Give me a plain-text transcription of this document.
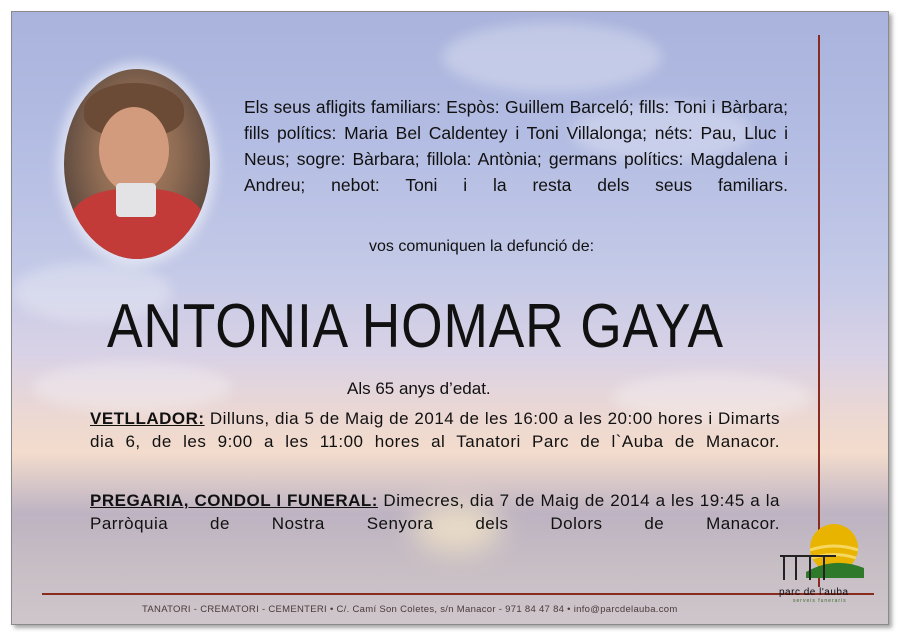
Els seus afligits familiars: Espòs: Guillem Barceló; fills: Toni i Bàrbara; fills polítics: Maria Bel Caldentey i Toni Villalonga; néts: Pau, Lluc i Neus; sogre: Bàrbara; fillola: Antònia; germans polítics: Magdalena i Andreu; nebot: Toni i la resta dels seus familiars.
vos comuniquen la defunció de:
ANTONIA HOMAR GAYA
Als 65 anys d’edat.
VETLLADOR: Dilluns, dia 5 de Maig de 2014 de les 16:00 a les 20:00 hores i Dimarts dia 6, de les 9:00 a les 11:00 hores al Tanatori Parc de l`Auba de Manacor.
PREGARIA, CONDOL I FUNERAL: Dimecres, dia 7 de Maig de 2014 a les 19:45 a la Parròquia de Nostra Senyora dels Dolors de Manacor.
parc de l'auba
serveis funeraris
TANATORI - CREMATORI - CEMENTERI • C/. Camí Son Coletes, s/n Manacor - 971 84 47 84 • info@parcdelauba.com
